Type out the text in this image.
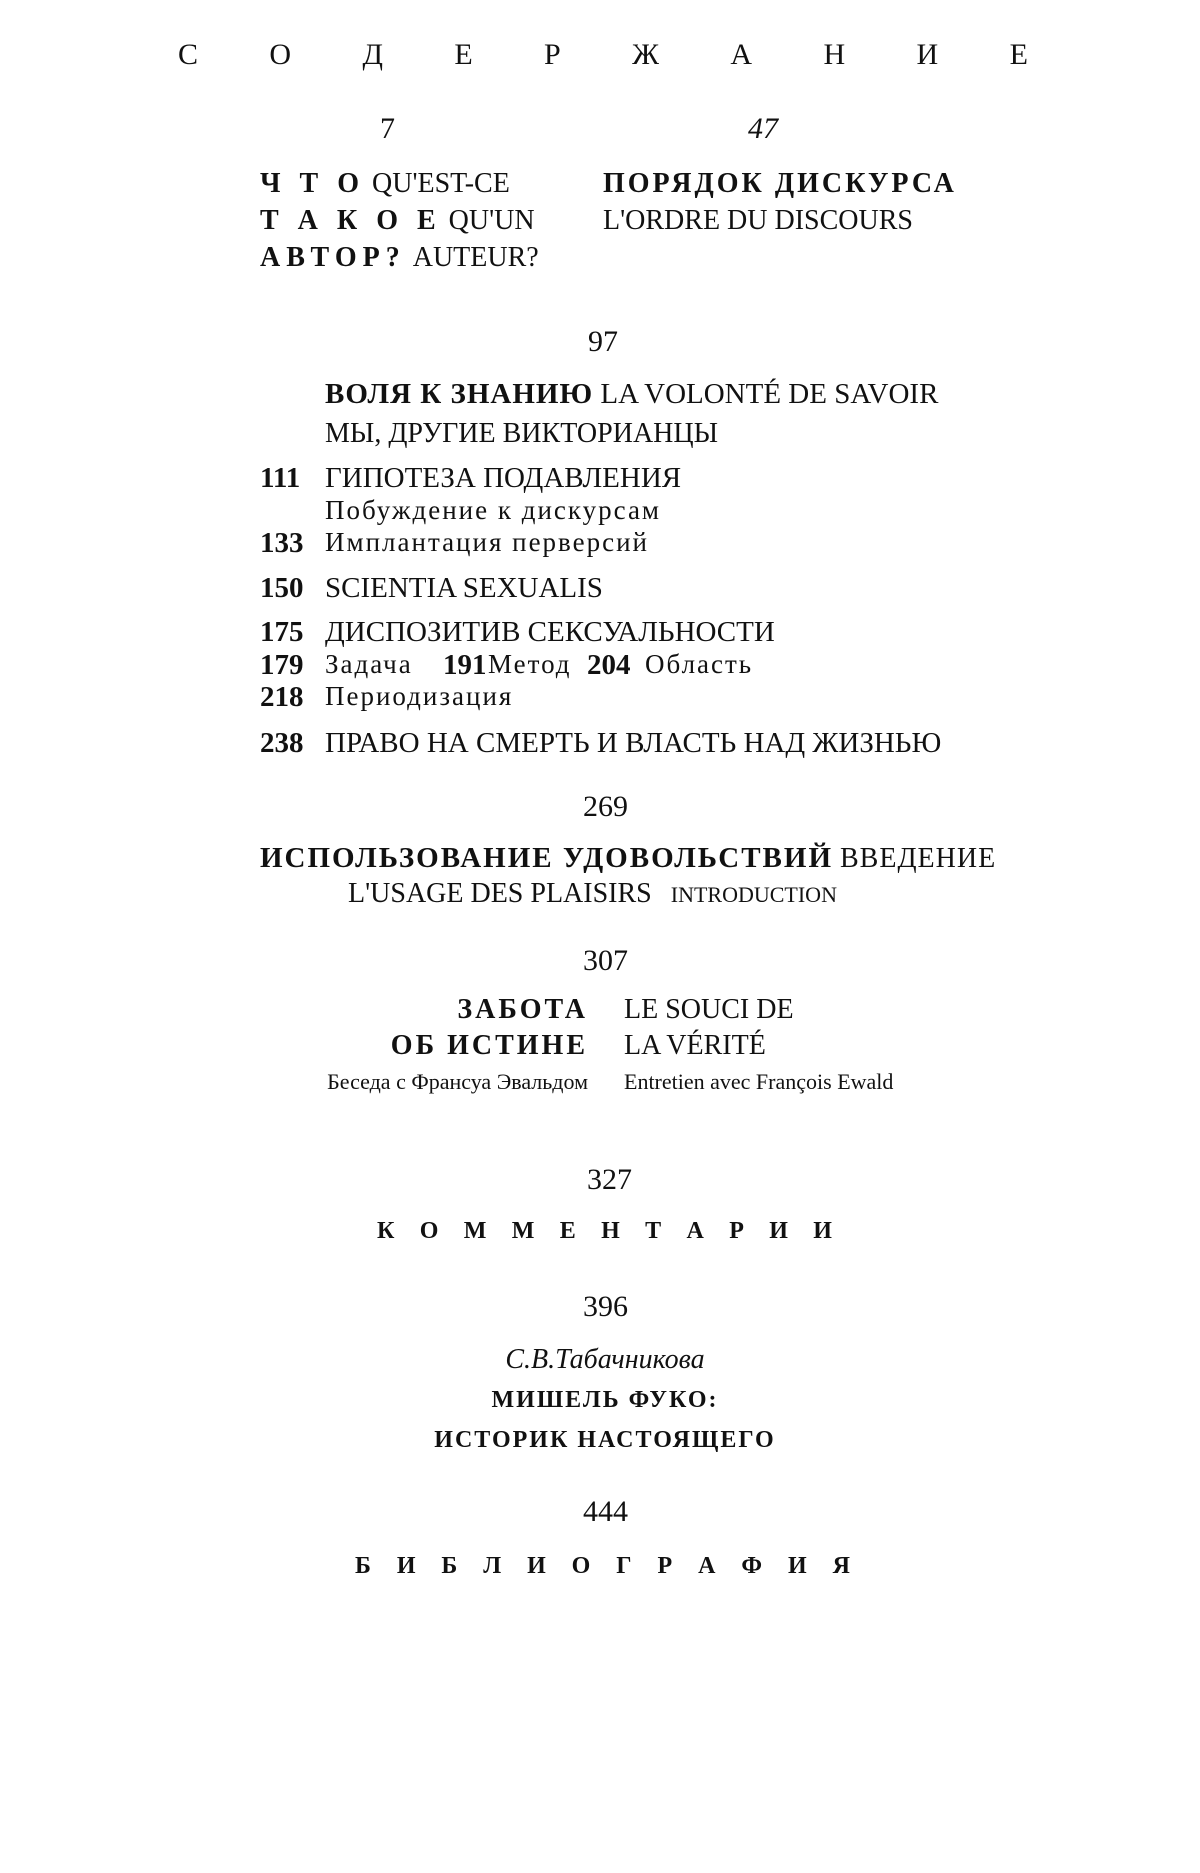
С О Д Е Р Ж А Н И Е
7
Ч Т О QU'EST-CE
Т А К О Е QU'UN
АВТОР? AUTEUR?
47
ПОРЯДОК ДИСКУРСА
L'ORDRE DU DISCOURS
97
ВОЛЯ К ЗНАНИЮ LA VOLONTÉ DE SAVOIR
МЫ, ДРУГИЕ ВИКТОРИАНЦЫ
111 ГИПОТЕЗА ПОДАВЛЕНИЯ
Побуждение к дискурсам
133 Имплантация перверсий
150 SCIENTIA SEXUALIS
175 ДИСПОЗИТИВ СЕКСУАЛЬНОСТИ
179 Задача 191 Метод 204 Область
218 Периодизация
238 ПРАВО НА СМЕРТЬ И ВЛАСТЬ НАД ЖИЗНЬЮ
269
ИСПОЛЬЗОВАНИЕ УДОВОЛЬСТВИЙ ВВЕДЕНИЕ
L'USAGE DES PLAISIRS INTRODUCTION
307
ЗАБОТА
ОБ ИСТИНЕ
Беседа с Франсуа Эвальдом
LE SOUCI DE
LA VÉRITÉ
Entretien avec François Ewald
327
К О М М Е Н Т А Р И И
396
С.В.Табачникова
МИШЕЛЬ ФУКО:
ИСТОРИК НАСТОЯЩЕГО
444
Б И Б Л И О Г Р А Ф И Я
